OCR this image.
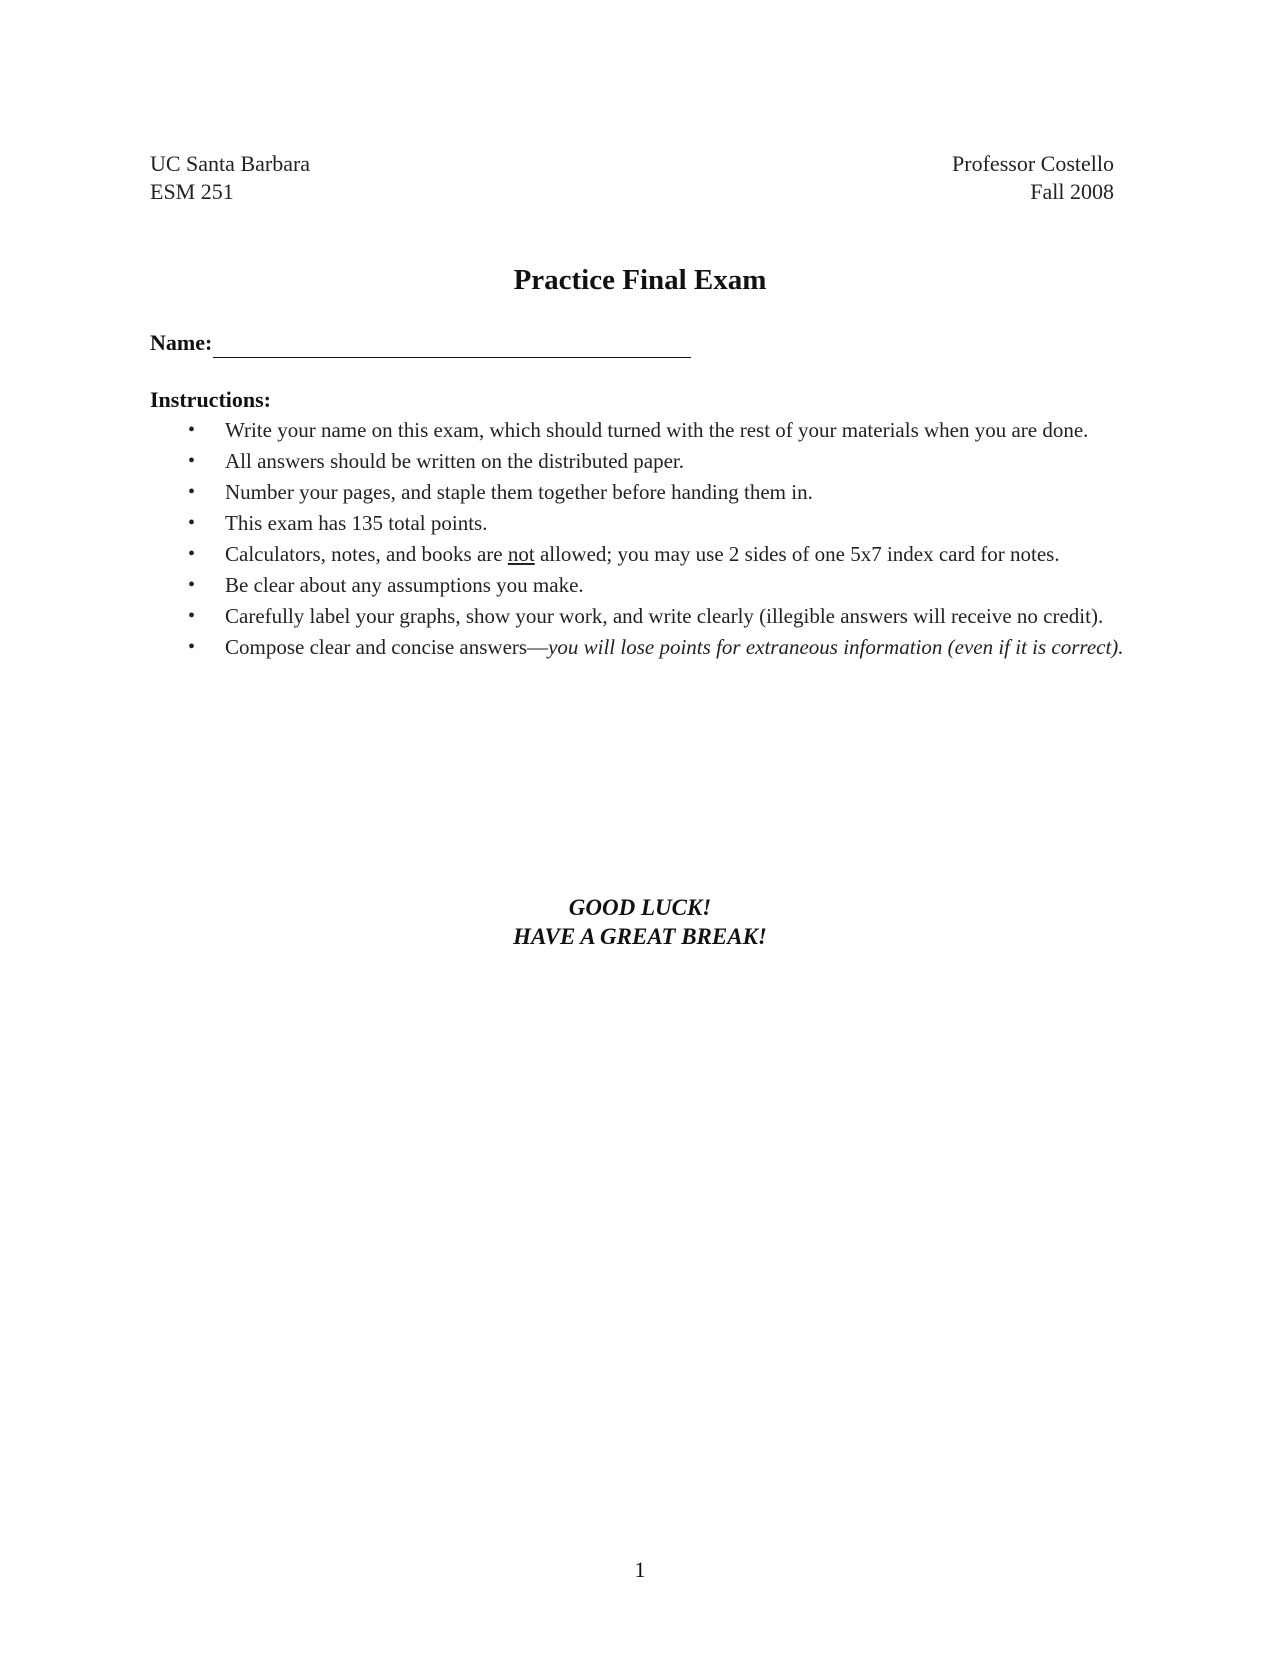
UC Santa Barbara
ESM 251
Professor Costello
Fall 2008
Practice Final Exam
Name:
Instructions:
• Write your name on this exam, which should turned with the rest of your materials when you are done.
• All answers should be written on the distributed paper.
• Number your pages, and staple them together before handing them in.
• This exam has 135 total points.
• Calculators, notes, and books are not allowed; you may use 2 sides of one 5x7 index card for notes.
• Be clear about any assumptions you make.
• Carefully label your graphs, show your work, and write clearly (illegible answers will receive no credit).
• Compose clear and concise answers—you will lose points for extraneous information (even if it is correct).
GOOD LUCK!
HAVE A GREAT BREAK!
1
